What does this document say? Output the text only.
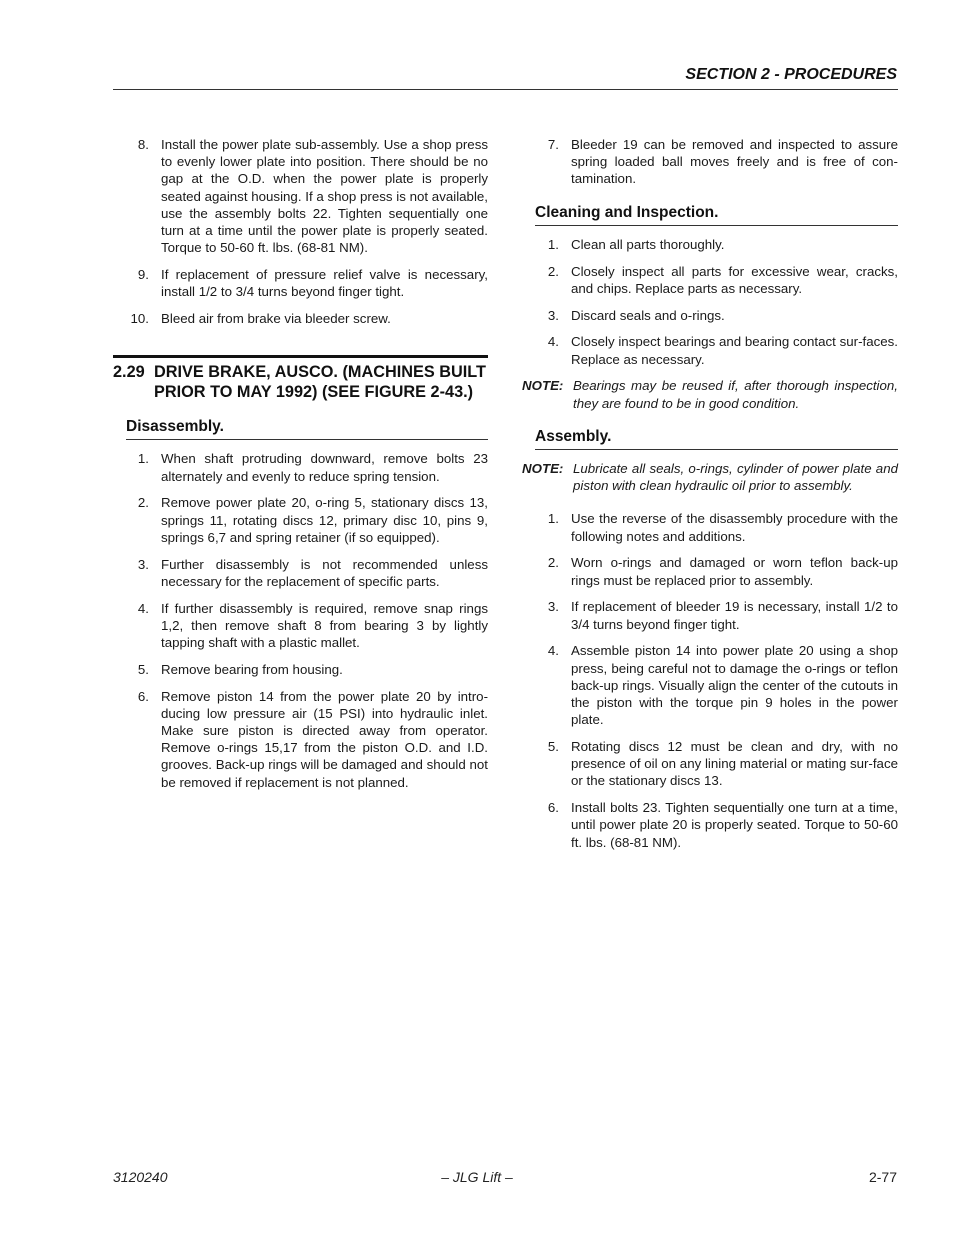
SECTION 2 - PROCEDURES
8. Install the power plate sub-assembly. Use a shop press to evenly lower plate into position. There should be no gap at the O.D. when the power plate is properly seated against housing. If a shop press is not available, use the assembly bolts 22. Tighten sequentially one turn at a time until the power plate is properly seated. Torque to 50-60 ft. lbs. (68-81 NM).
9. If replacement of pressure relief valve is necessary, install 1/2 to 3/4 turns beyond finger tight.
10. Bleed air from brake via bleeder screw.
2.29 DRIVE BRAKE, AUSCO. (MACHINES BUILT PRIOR TO MAY 1992) (SEE FIGURE 2-43.)
Disassembly.
1. When shaft protruding downward, remove bolts 23 alternately and evenly to reduce spring tension.
2. Remove power plate 20, o-ring 5, stationary discs 13, springs 11, rotating discs 12, primary disc 10, pins 9, springs 6,7 and spring retainer (if so equipped).
3. Further disassembly is not recommended unless necessary for the replacement of specific parts.
4. If further disassembly is required, remove snap rings 1,2, then remove shaft 8 from bearing 3 by lightly tapping shaft with a plastic mallet.
5. Remove bearing from housing.
6. Remove piston 14 from the power plate 20 by intro-ducing low pressure air (15 PSI) into hydraulic inlet. Make sure piston is directed away from operator. Remove o-rings 15,17 from the piston O.D. and I.D. grooves. Back-up rings will be damaged and should not be removed if replacement is not planned.
7. Bleeder 19 can be removed and inspected to assure spring loaded ball moves freely and is free of con-tamination.
Cleaning and Inspection.
1. Clean all parts thoroughly.
2. Closely inspect all parts for excessive wear, cracks, and chips. Replace parts as necessary.
3. Discard seals and o-rings.
4. Closely inspect bearings and bearing contact sur-faces. Replace as necessary.
NOTE: Bearings may be reused if, after thorough inspection, they are found to be in good condition.
Assembly.
NOTE: Lubricate all seals, o-rings, cylinder of power plate and piston with clean hydraulic oil prior to assembly.
1. Use the reverse of the disassembly procedure with the following notes and additions.
2. Worn o-rings and damaged or worn teflon back-up rings must be replaced prior to assembly.
3. If replacement of bleeder 19 is necessary, install 1/2 to 3/4 turns beyond finger tight.
4. Assemble piston 14 into power plate 20 using a shop press, being careful not to damage the o-rings or teflon back-up rings. Visually align the center of the cutouts in the piston with the torque pin 9 holes in the power plate.
5. Rotating discs 12 must be clean and dry, with no presence of oil on any lining material or mating sur-face or the stationary discs 13.
6. Install bolts 23. Tighten sequentially one turn at a time, until power plate 20 is properly seated. Torque to 50-60 ft. lbs. (68-81 NM).
3120240	– JLG Lift –	2-77
